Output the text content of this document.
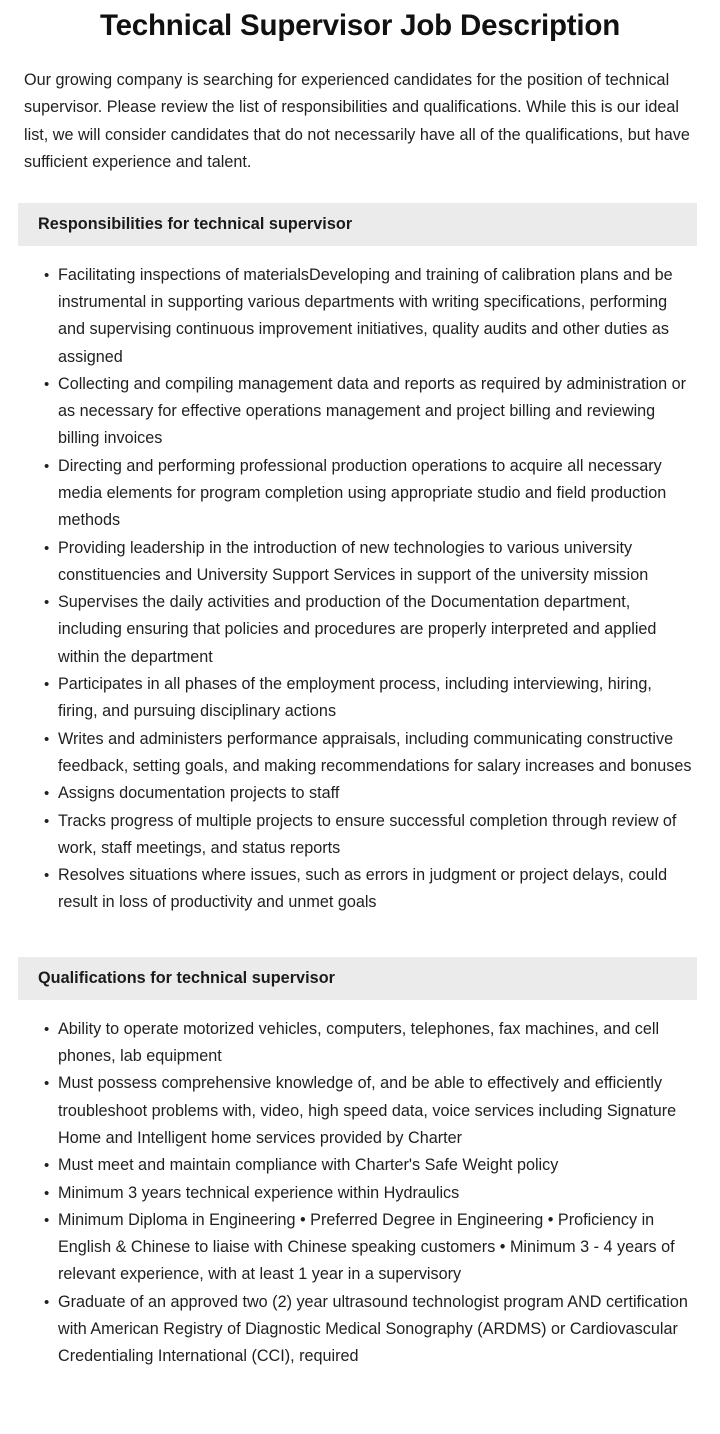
Technical Supervisor Job Description

Our growing company is searching for experienced candidates for the position of technical supervisor. Please review the list of responsibilities and qualifications. While this is our ideal list, we will consider candidates that do not necessarily have all of the qualifications, but have sufficient experience and talent.

Responsibilities for technical supervisor
• Facilitating inspections of materialsDeveloping and training of calibration plans and be instrumental in supporting various departments with writing specifications, performing and supervising continuous improvement initiatives, quality audits and other duties as assigned
• Collecting and compiling management data and reports as required by administration or as necessary for effective operations management and project billing and reviewing billing invoices
• Directing and performing professional production operations to acquire all necessary media elements for program completion using appropriate studio and field production methods
• Providing leadership in the introduction of new technologies to various university constituencies and University Support Services in support of the university mission
• Supervises the daily activities and production of the Documentation department, including ensuring that policies and procedures are properly interpreted and applied within the department
• Participates in all phases of the employment process, including interviewing, hiring, firing, and pursuing disciplinary actions
• Writes and administers performance appraisals, including communicating constructive feedback, setting goals, and making recommendations for salary increases and bonuses
• Assigns documentation projects to staff
• Tracks progress of multiple projects to ensure successful completion through review of work, staff meetings, and status reports
• Resolves situations where issues, such as errors in judgment or project delays, could result in loss of productivity and unmet goals
Qualifications for technical supervisor
• Ability to operate motorized vehicles, computers, telephones, fax machines, and cell phones, lab equipment
• Must possess comprehensive knowledge of, and be able to effectively and efficiently troubleshoot problems with, video, high speed data, voice services including Signature Home and Intelligent home services provided by Charter
• Must meet and maintain compliance with Charter's Safe Weight policy
• Minimum 3 years technical experience within Hydraulics
• Minimum Diploma in Engineering • Preferred Degree in Engineering • Proficiency in English & Chinese to liaise with Chinese speaking customers • Minimum 3 - 4 years of relevant experience, with at least 1 year in a supervisory
• Graduate of an approved two (2) year ultrasound technologist program AND certification with American Registry of Diagnostic Medical Sonography (ARDMS) or Cardiovascular Credentialing International (CCI), required
